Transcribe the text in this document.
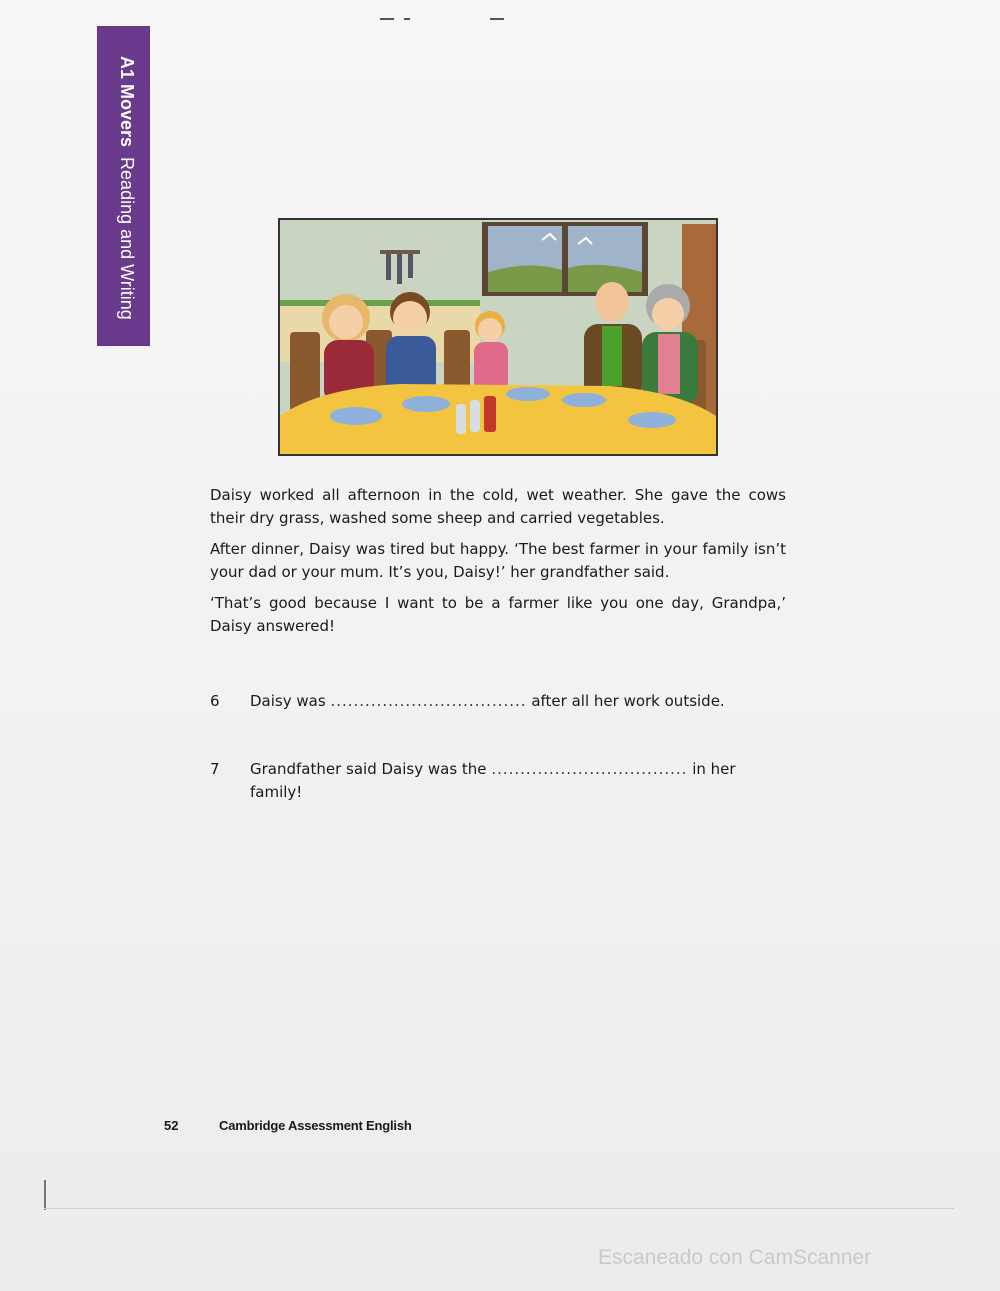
A1 MoversReading and Writing

Daisy worked all afternoon in the cold, wet weather. She gave the cows their dry grass, washed some sheep and carried vegetables.

After dinner, Daisy was tired but happy. ‘The best farmer in your family isn’t your dad or your mum. It’s you, Daisy!’ her grandfather said.

‘That’s good because I want to be a farmer like you one day, Grandpa,’ Daisy answered!

6 Daisy was .................................. after all her work outside.
7 Grandfather said Daisy was the .................................. in her family!
52	Cambridge Assessment English
Escaneado con CamScanner
